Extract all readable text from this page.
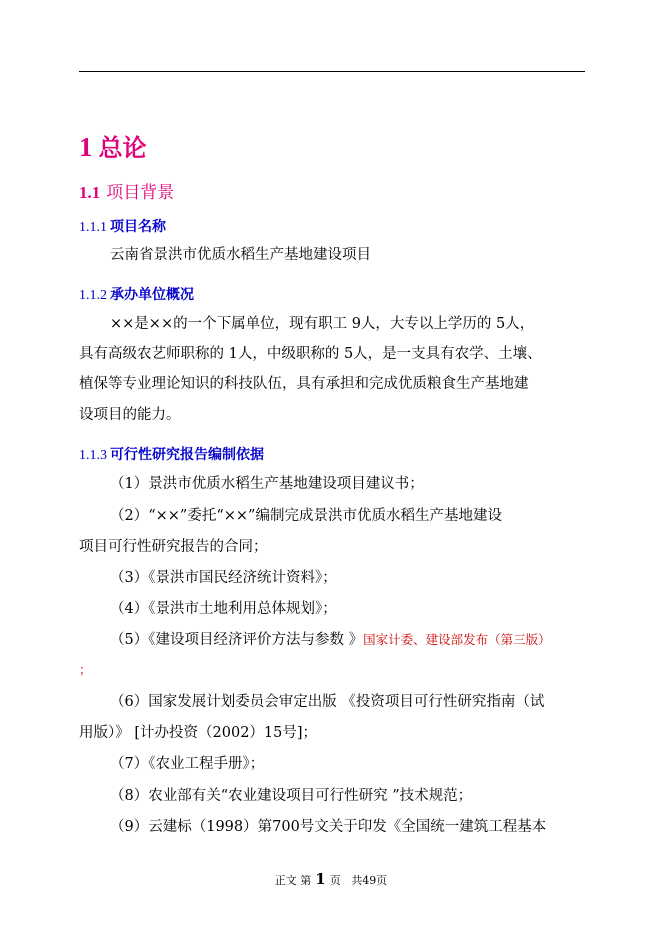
1 总论
1.1 项目背景
1.1.1 项目名称
云南省景洪市优质水稻生产基地建设项目
1.1.2 承办单位概况
××是××的一个下属单位，现有职工 9人，大专以上学历的 5人，
具有高级农艺师职称的 1人，中级职称的 5人，是一支具有农学、土壤、
植保等专业理论知识的科技队伍，具有承担和完成优质粮食生产基地建
设项目的能力。
1.1.3 可行性研究报告编制依据
（1）景洪市优质水稻生产基地建设项目建议书；
（2）“××”委托“××”编制完成景洪市优质水稻生产基地建设
项目可行性研究报告的合同；
（3）《景洪市国民经济统计资料》；
（4）《景洪市土地利用总体规划》；
（5）《建设项目经济评价方法与参数 》国家计委、建设部发布（第三版）
；
（6）国家发展计划委员会审定出版 《投资项目可行性研究指南（试
用版）》 [计办投资（2002）15号]；
（7）《农业工程手册》；
（8）农业部有关“农业建设项目可行性研究 ”技术规范；
（9）云建标（1998）第700号文关于印发《全国统一建筑工程基本
正文 第 1 页 共49页
